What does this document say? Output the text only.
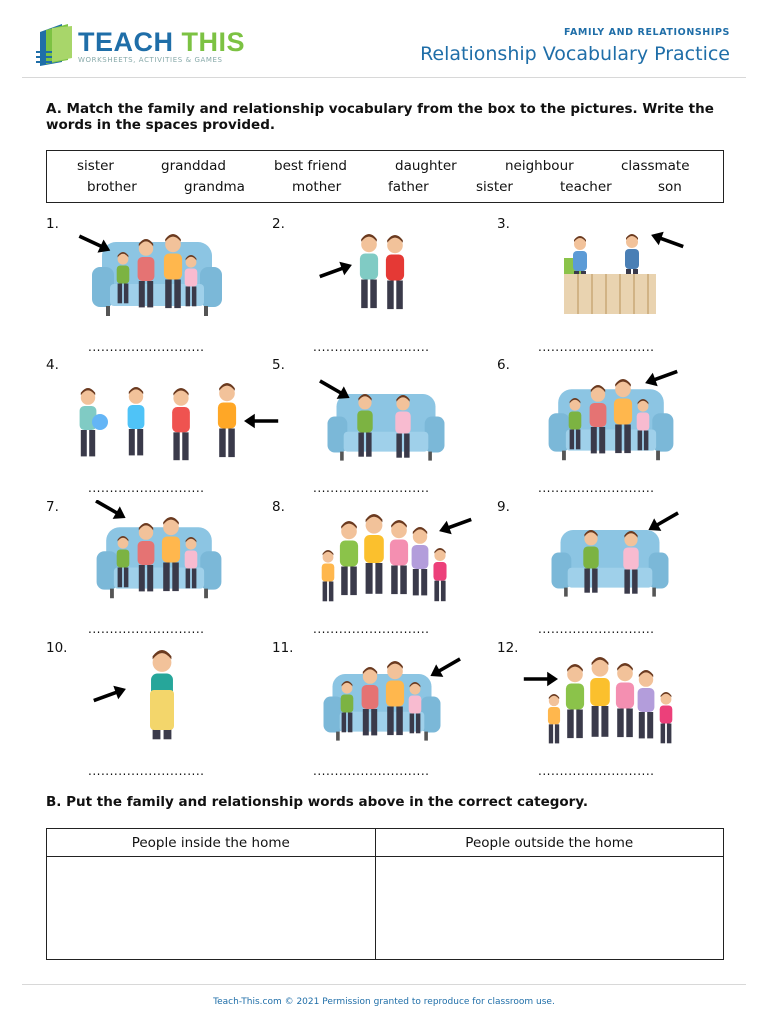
TEACH THIS
WORKSHEETS, ACTIVITIES & GAMES
FAMILY AND RELATIONSHIPS
Relationship Vocabulary Practice
A. Match the family and relationship vocabulary from the box to the pictures. Write the words in the spaces provided.
sister	granddad	best friend	daughter	neighbour	classmate
brother	grandma	mother	father	sister	teacher	son
1.	2.	3.
4.	5.	6.
7.	8.	9.
10.	11.	12.
...........................	...........................	...........................
...........................	...........................	...........................
...........................	...........................	...........................
...........................	...........................	...........................
B. Put the family and relationship words above in the correct category.
People inside the home	People outside the home

Teach-This.com © 2021 Permission granted to reproduce for classroom use.
